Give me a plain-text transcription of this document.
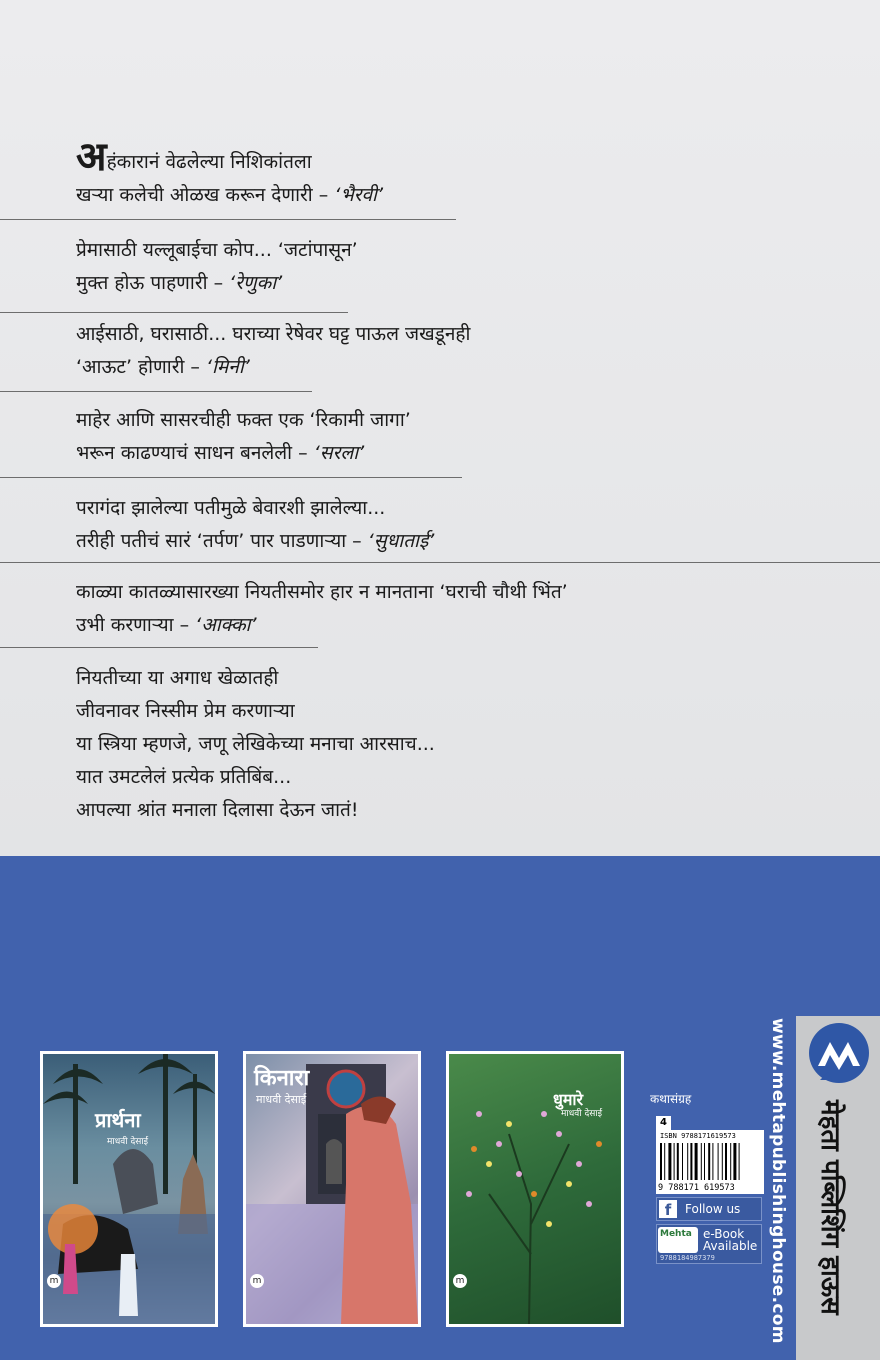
अहंकारानं वेढलेल्या निशिकांतला
खऱ्या कलेची ओळख करून देणारी – ‘भैरवी’
प्रेमासाठी यल्लूबाईचा कोप... ‘जटांपासून’
मुक्त होऊ पाहणारी – ‘रेणुका’
आईसाठी, घरासाठी... घराच्या रेषेवर घट्ट पाऊल जखडूनही
‘आऊट’ होणारी – ‘मिनी’
माहेर आणि सासरचीही फक्त एक ‘रिकामी जागा’
भरून काढण्याचं साधन बनलेली – ‘सरला’
परागंदा झालेल्या पतीमुळे बेवारशी झालेल्या...
तरीही पतीचं सारं ‘तर्पण’ पार पाडणाऱ्या – ‘सुधाताई’
काळ्या कातळ्यासारख्या नियतीसमोर हार न मानताना ‘घराची चौथी भिंत’
उभी करणाऱ्या – ‘आक्का’
नियतीच्या या अगाध खेळातही
जीवनावर निस्सीम प्रेम करणाऱ्या
या स्त्रिया म्हणजे, जणू लेखिकेच्या मनाचा आरसाच...
यात उमटलेलं प्रत्येक प्रतिबिंब...
आपल्या श्रांत मनाला दिलासा देऊन जातं!
प्रार्थना
माधवी देसाई
m
किनारा
माधवी देसाई
m
धुमारे
माधवी देसाई
m
कथासंग्रह
4
ISBN 9788171619573
9 788171 619573
f	Follow us
Mehta e-Book
Available
9788184987379	www.mehtapublishinghouse.com मेहता पब्लिशिंग हाऊस
